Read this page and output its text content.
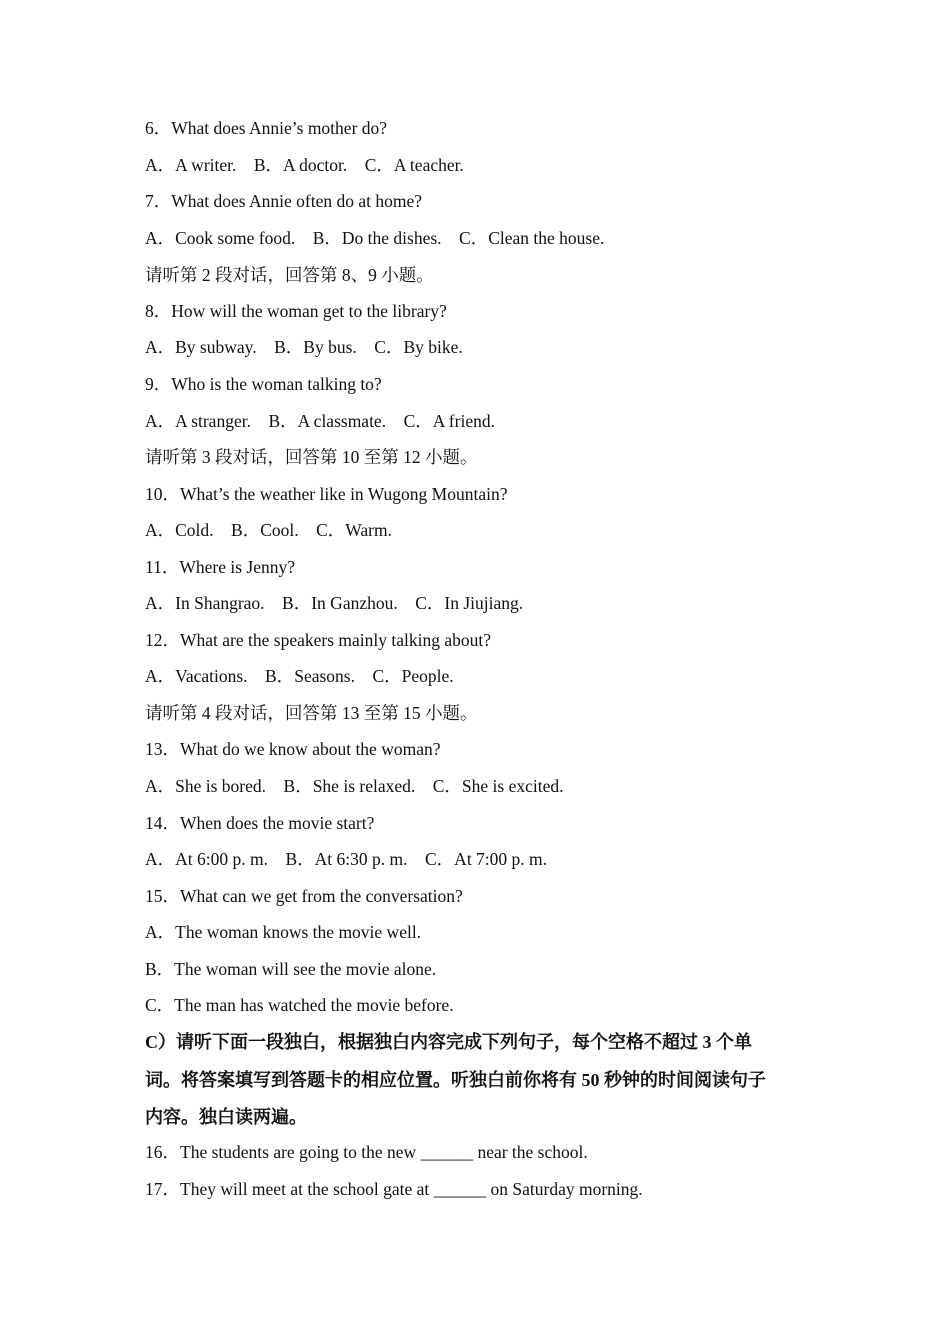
6．What does Annie’s mother do?
A．A writer.    B．A doctor.    C．A teacher.
7．What does Annie often do at home?
A．Cook some food.    B．Do the dishes.    C．Clean the house.
请听第 2 段对话，回答第 8、9 小题。
8．How will the woman get to the library?
A．By subway.    B．By bus.    C．By bike.
9．Who is the woman talking to?
A．A stranger.    B．A classmate.    C．A friend.
请听第 3 段对话，回答第 10 至第 12 小题。
10．What’s the weather like in Wugong Mountain?
A．Cold.    B．Cool.    C．Warm.
11．Where is Jenny?
A．In Shangrao.    B．In Ganzhou.    C．In Jiujiang.
12．What are the speakers mainly talking about?
A．Vacations.    B．Seasons.    C．People.
请听第 4 段对话，回答第 13 至第 15 小题。
13．What do we know about the woman?
A．She is bored.    B．She is relaxed.    C．She is excited.
14．When does the movie start?
A．At 6:00 p. m.    B．At 6:30 p. m.    C．At 7:00 p. m.
15．What can we get from the conversation?
A．The woman knows the movie well.
B．The woman will see the movie alone.
C．The man has watched the movie before.
C）请听下面一段独白，根据独白内容完成下列句子，每个空格不超过 3 个单
词。将答案填写到答题卡的相应位置。听独白前你将有 50 秒钟的时间阅读句子
内容。独白读两遍。
16．The students are going to the new ______ near the school.
17．They will meet at the school gate at ______ on Saturday morning.
